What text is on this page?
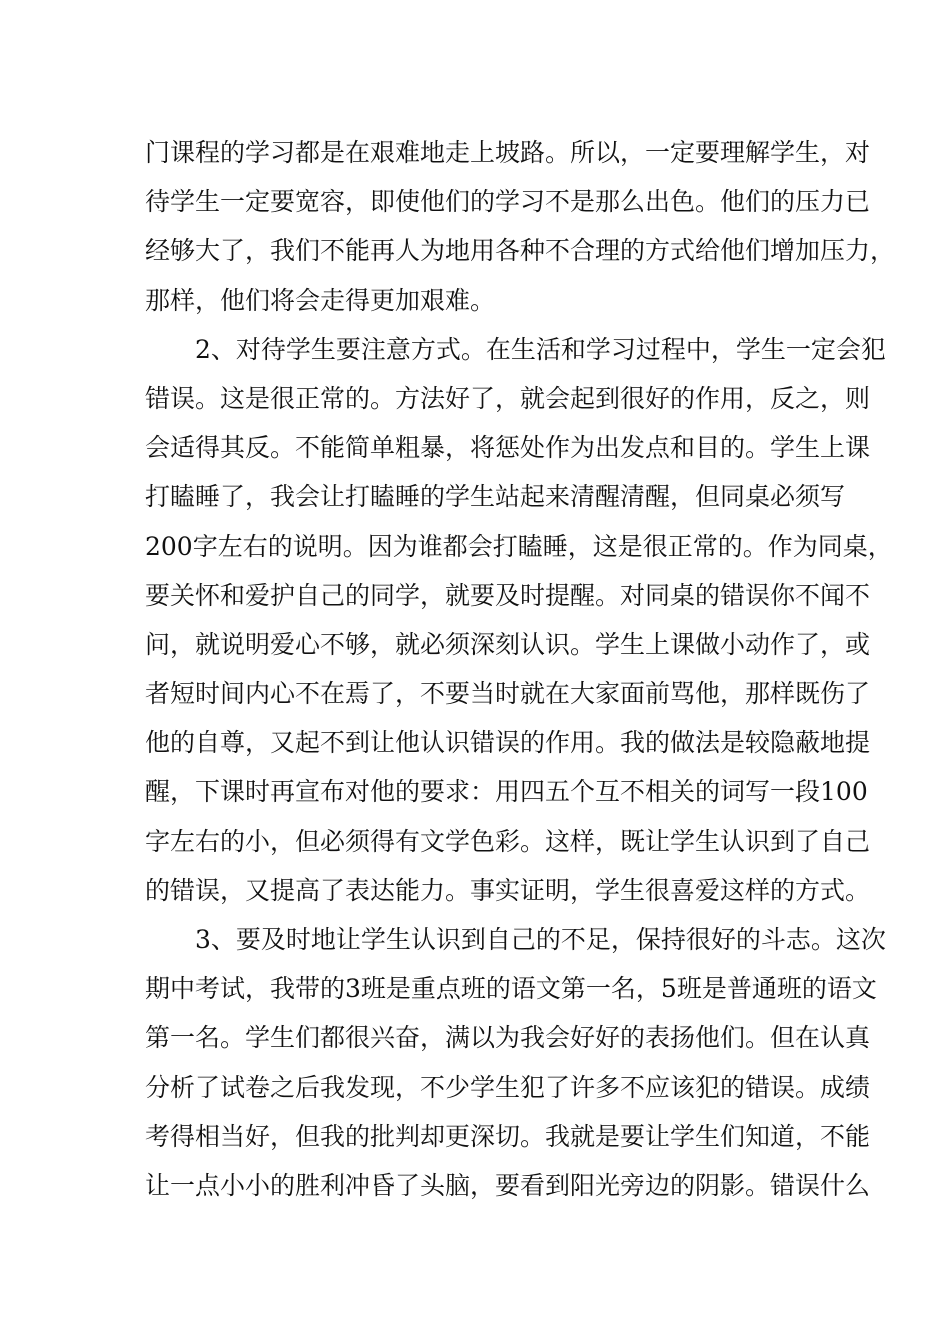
门课程的学习都是在艰难地走上坡路。所以，一定要理解学生，对
待学生一定要宽容，即使他们的学习不是那么出色。他们的压力已
经够大了，我们不能再人为地用各种不合理的方式给他们增加压力，
那样，他们将会走得更加艰难。
　　2、对待学生要注意方式。在生活和学习过程中，学生一定会犯
错误。这是很正常的。方法好了，就会起到很好的作用，反之，则
会适得其反。不能简单粗暴，将惩处作为出发点和目的。学生上课
打瞌睡了，我会让打瞌睡的学生站起来清醒清醒，但同桌必须写
200字左右的说明。因为谁都会打瞌睡，这是很正常的。作为同桌，
要关怀和爱护自己的同学，就要及时提醒。对同桌的错误你不闻不
问，就说明爱心不够，就必须深刻认识。学生上课做小动作了，或
者短时间内心不在焉了，不要当时就在大家面前骂他，那样既伤了
他的自尊，又起不到让他认识错误的作用。我的做法是较隐蔽地提
醒，下课时再宣布对他的要求：用四五个互不相关的词写一段100
字左右的小，但必须得有文学色彩。这样，既让学生认识到了自己
的错误，又提高了表达能力。事实证明，学生很喜爱这样的方式。
　　3、要及时地让学生认识到自己的不足，保持很好的斗志。这次
期中考试，我带的3班是重点班的语文第一名，5班是普通班的语文
第一名。学生们都很兴奋，满以为我会好好的表扬他们。但在认真
分析了试卷之后我发现，不少学生犯了许多不应该犯的错误。成绩
考得相当好，但我的批判却更深切。我就是要让学生们知道，不能
让一点小小的胜利冲昏了头脑，要看到阳光旁边的阴影。错误什么
